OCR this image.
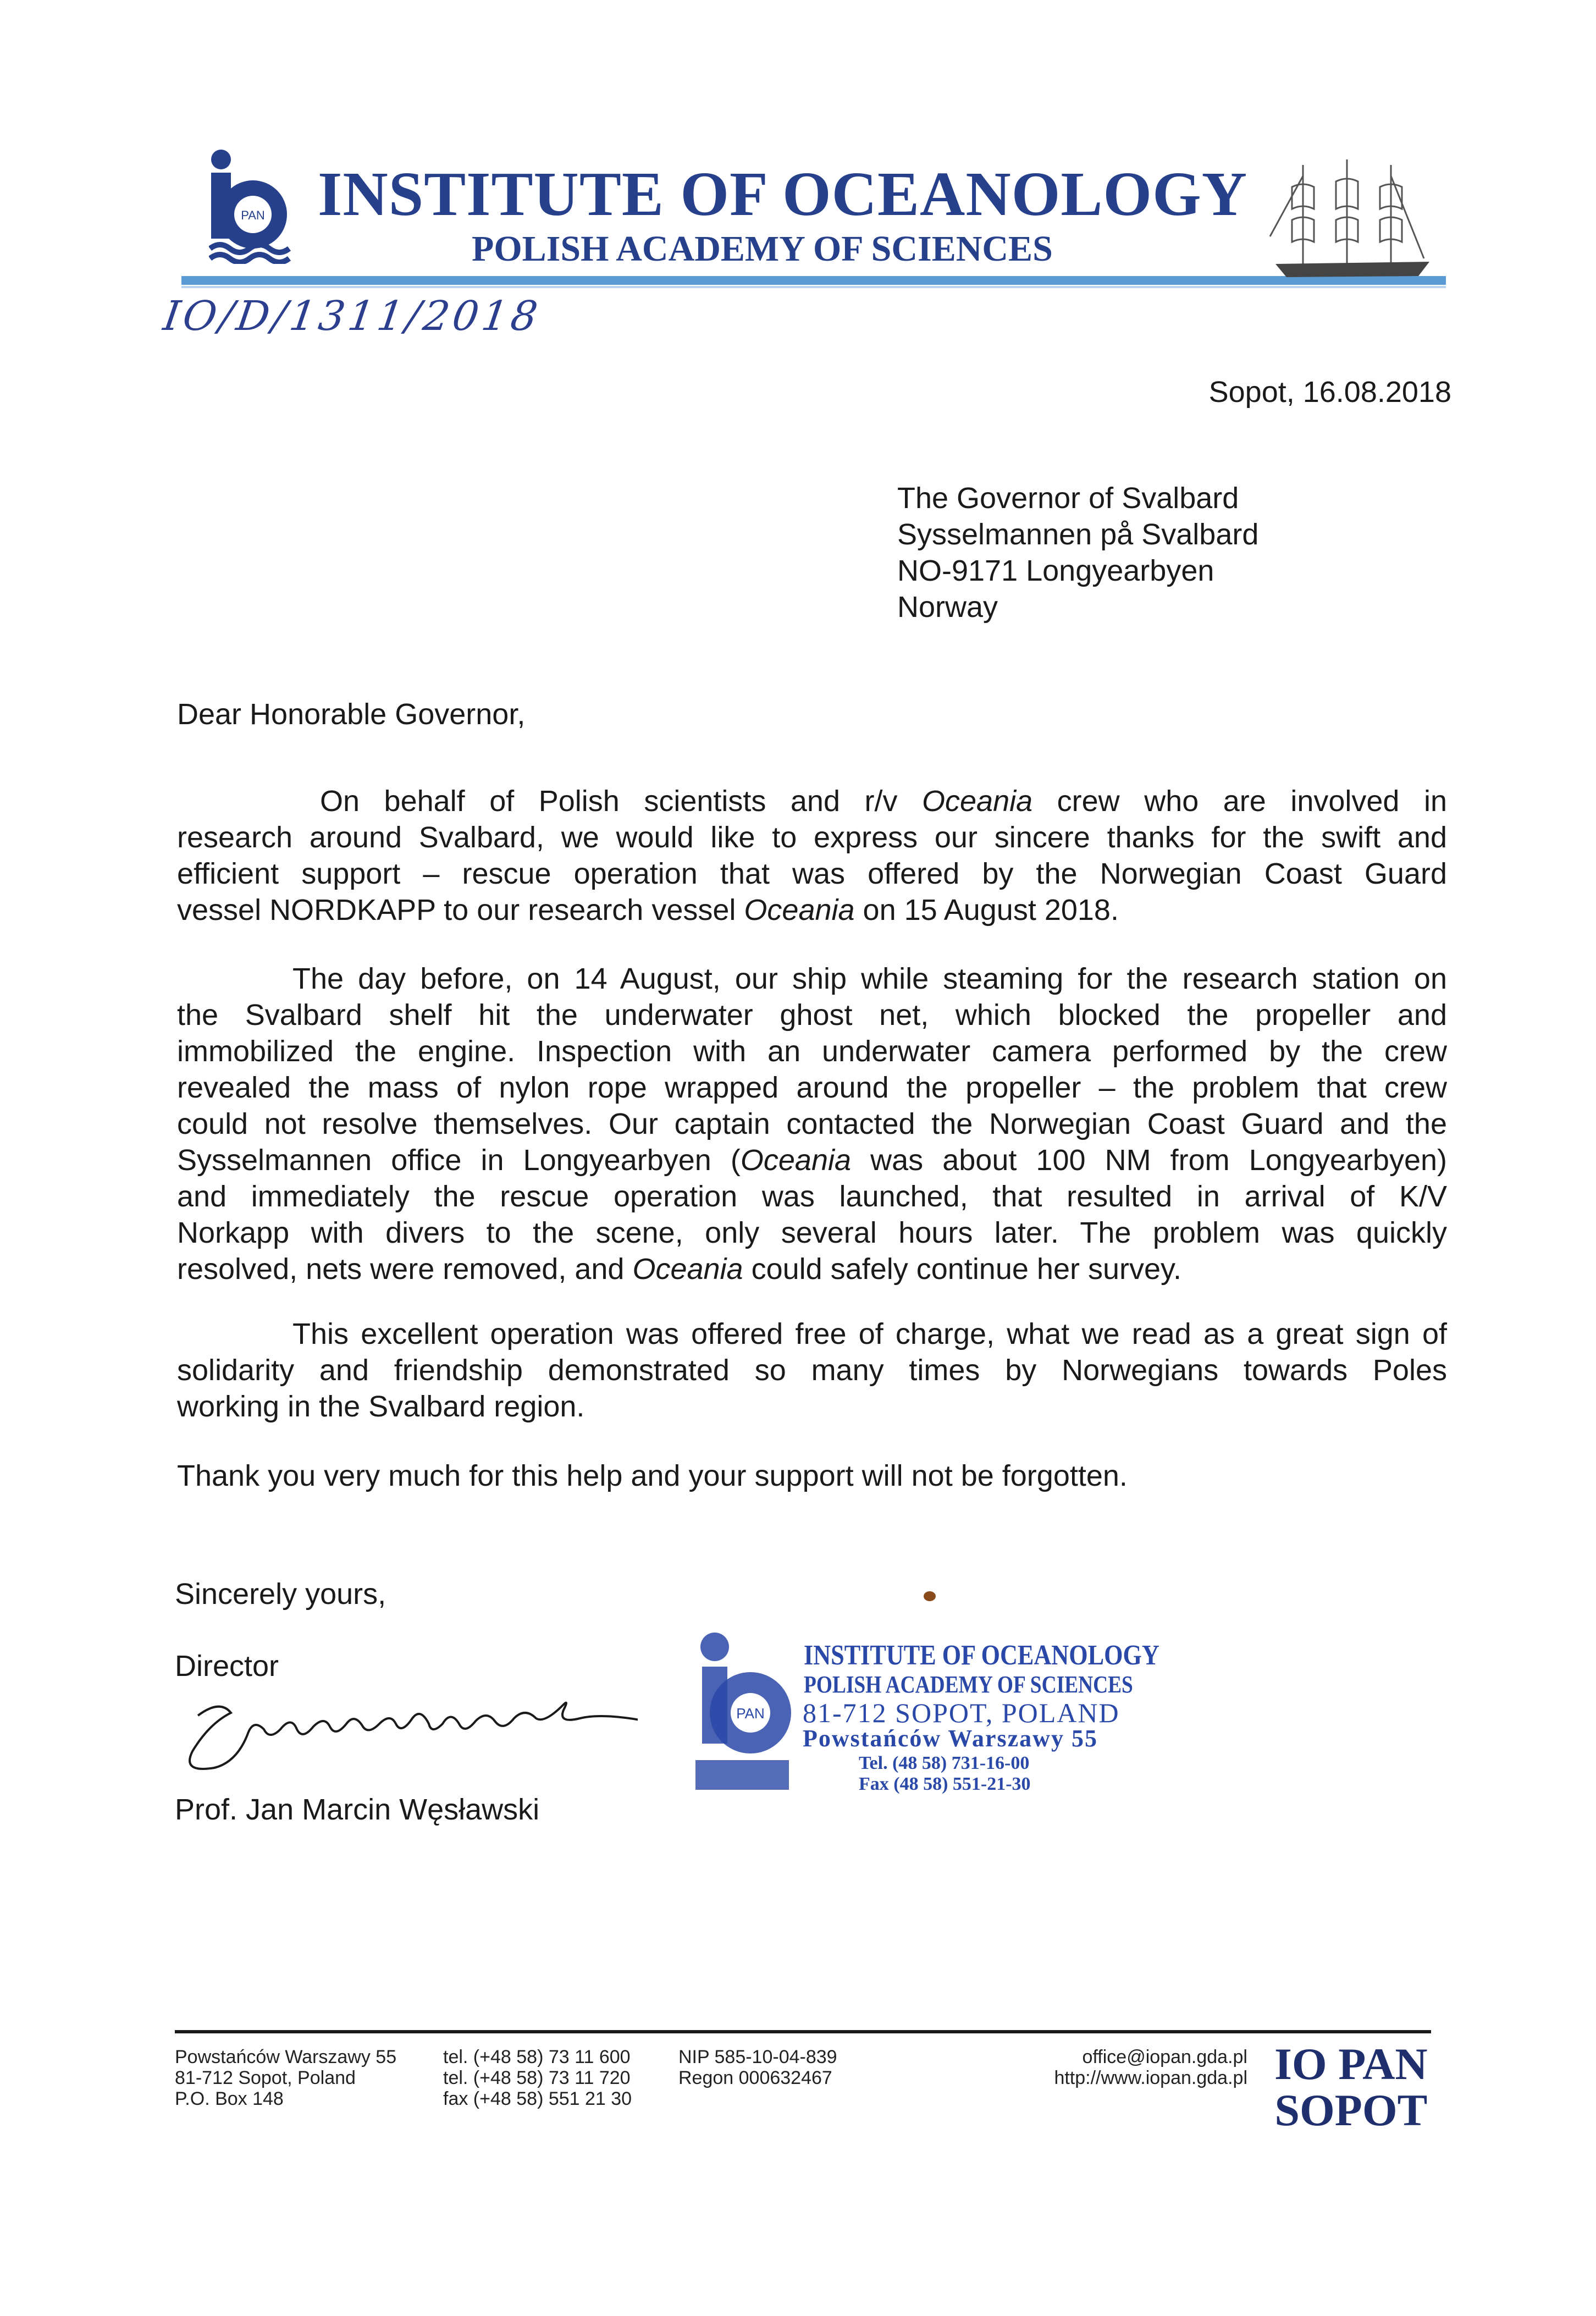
PAN INSTITUTE OF OCEANOLOGY
POLISH ACADEMY OF SCIENCES
IO/D/1311/2018
Sopot, 16.08.2018
The Governor of Svalbard
Sysselmannen på Svalbard
NO-9171 Longyearbyen
Norway
Dear Honorable Governor,
On behalf of Polish scientists and r/v Oceania crew who are involved in
research around Svalbard, we would like to express our sincere thanks for the swift and
efficient support – rescue operation that was offered by the Norwegian Coast Guard
vessel NORDKAPP to our research vessel Oceania on 15 August 2018.
The day before, on 14 August, our ship while steaming for the research station on
the Svalbard shelf hit the underwater ghost net, which blocked the propeller and
immobilized the engine. Inspection with an underwater camera performed by the crew
revealed the mass of nylon rope wrapped around the propeller – the problem that crew
could not resolve themselves. Our captain contacted the Norwegian Coast Guard and the
Sysselmannen office in Longyearbyen (Oceania was about 100 NM from Longyearbyen)
and immediately the rescue operation was launched, that resulted in arrival of K/V
Norkapp with divers to the scene, only several hours later. The problem was quickly
resolved, nets were removed, and Oceania could safely continue her survey.
This excellent operation was offered free of charge, what we read as a great sign of
solidarity and friendship demonstrated so many times by Norwegians towards Poles
working in the Svalbard region.
Thank you very much for this help and your support will not be forgotten.
Sincerely yours,
Director
Prof. Jan Marcin Węsławski
PAN
INSTITUTE OF OCEANOLOGY
POLISH ACADEMY OF SCIENCES
81-712 SOPOT, POLAND
Powstańców Warszawy 55
Tel. (48 58) 731-16-00
Fax (48 58) 551-21-30
Powstańców Warszawy 55
81-712 Sopot, Poland
P.O. Box 148
tel. (+48 58) 73 11 600
tel. (+48 58) 73 11 720
fax (+48 58) 551 21 30
NIP 585-10-04-839
Regon 000632467
office@iopan.gda.pl
http://www.iopan.gda.pl IO PAN
SOPOT
